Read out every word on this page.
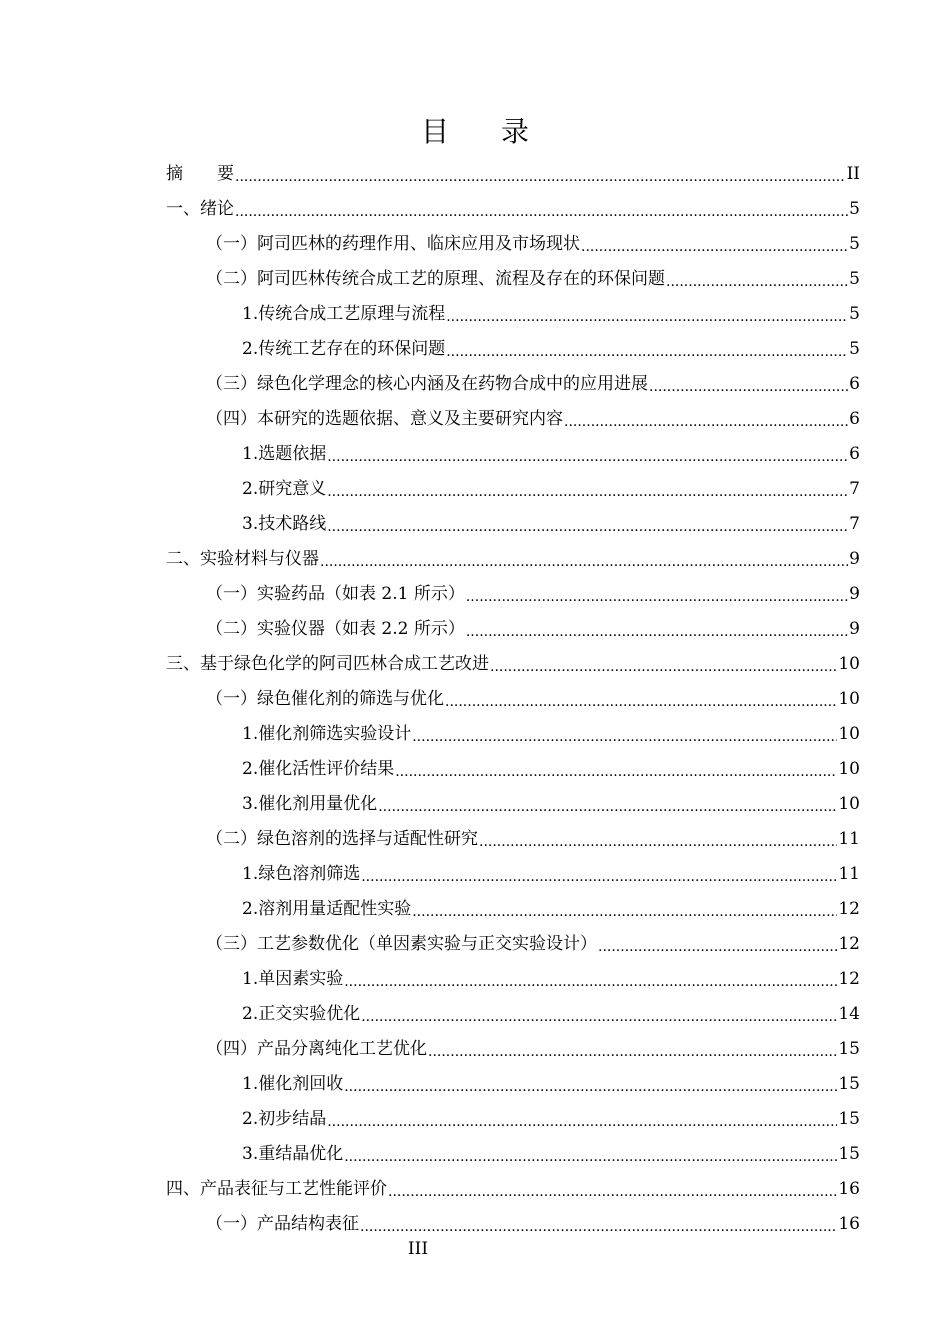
目 录
摘　　要 .....	II
一、绪论 .....	5
（一）阿司匹林的药理作用、临床应用及市场现状 .....	5
（二）阿司匹林传统合成工艺的原理、流程及存在的环保问题 .....	5
1.传统合成工艺原理与流程 .....	5
2.传统工艺存在的环保问题 .....	5
（三）绿色化学理念的核心内涵及在药物合成中的应用进展 .....	6
（四）本研究的选题依据、意义及主要研究内容 .....	6
1.选题依据 .....	6
2.研究意义 .....	7
3.技术路线 .....	7
二、实验材料与仪器 .....	9
（一）实验药品（如表 2.1 所示） .....	9
（二）实验仪器（如表 2.2 所示） .....	9
三、基于绿色化学的阿司匹林合成工艺改进 .....	10
（一）绿色催化剂的筛选与优化 .....	10
1.催化剂筛选实验设计 .....	10
2.催化活性评价结果 .....	10
3.催化剂用量优化 .....	10
（二）绿色溶剂的选择与适配性研究 .....	11
1.绿色溶剂筛选 .....	11
2.溶剂用量适配性实验 .....	12
（三）工艺参数优化（单因素实验与正交实验设计） .....	12
1.单因素实验 .....	12
2.正交实验优化 .....	14
（四）产品分离纯化工艺优化 .....	15
1.催化剂回收 .....	15
2.初步结晶 .....	15
3.重结晶优化 .....	15
四、产品表征与工艺性能评价 .....	16
（一）产品结构表征 .....	16
III
